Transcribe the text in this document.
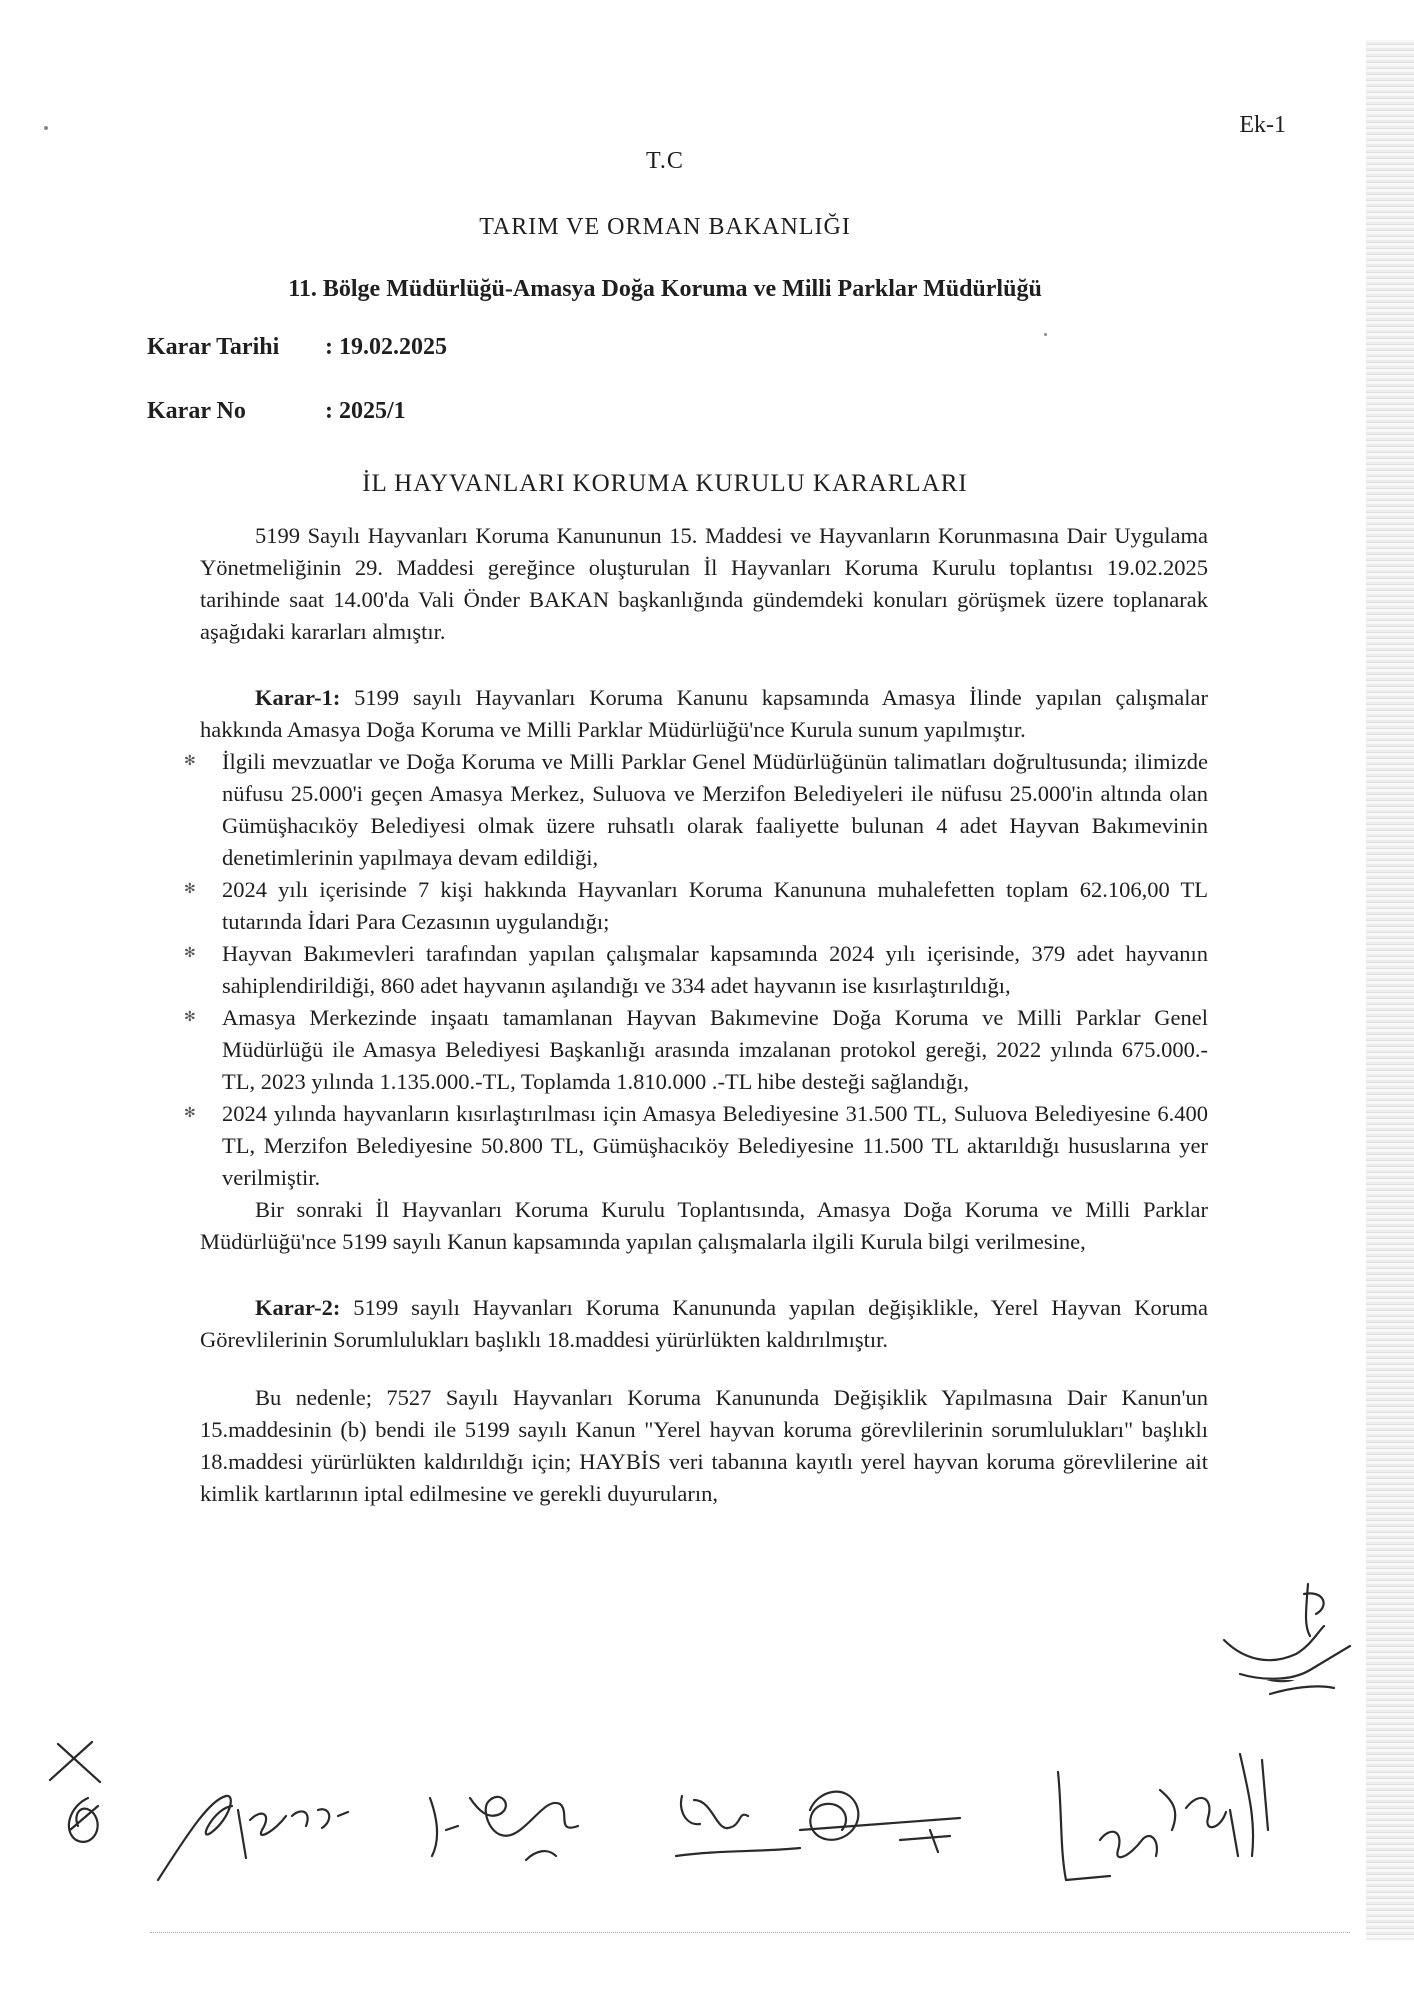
Ek-1
T.C
TARIM VE ORMAN BAKANLIĞI
11. Bölge Müdürlüğü-Amasya Doğa Koruma ve Milli Parklar Müdürlüğü
Karar Tarihi : 19.02.2025
Karar No	: 2025/1
İL HAYVANLARI KORUMA KURULU KARARLARI

5199 Sayılı Hayvanları Koruma Kanununun 15. Maddesi ve Hayvanların Korunmasına Dair Uygulama Yönetmeliğinin 29. Maddesi gereğince oluşturulan İl Hayvanları Koruma Kurulu toplantısı 19.02.2025 tarihinde saat 14.00'da Vali Önder BAKAN başkanlığında gündemdeki konuları görüşmek üzere toplanarak aşağıdaki kararları almıştır.

Karar-1: 5199 sayılı Hayvanları Koruma Kanunu kapsamında Amasya İlinde yapılan çalışmalar hakkında Amasya Doğa Koruma ve Milli Parklar Müdürlüğü'nce Kurula sunum yapılmıştır.

✻ İlgili mevzuatlar ve Doğa Koruma ve Milli Parklar Genel Müdürlüğünün talimatları doğrultusunda; ilimizde nüfusu 25.000'i geçen Amasya Merkez, Suluova ve Merzifon Belediyeleri ile nüfusu 25.000'in altında olan Gümüşhacıköy Belediyesi olmak üzere ruhsatlı olarak faaliyette bulunan 4 adet Hayvan Bakımevinin denetimlerinin yapılmaya devam edildiği,

✻ 2024 yılı içerisinde 7 kişi hakkında Hayvanları Koruma Kanununa muhalefetten toplam 62.106,00 TL tutarında İdari Para Cezasının uygulandığı;

✻ Hayvan Bakımevleri tarafından yapılan çalışmalar kapsamında 2024 yılı içerisinde, 379 adet hayvanın sahiplendirildiği, 860 adet hayvanın aşılandığı ve 334 adet hayvanın ise kısırlaştırıldığı,

✻ Amasya Merkezinde inşaatı tamamlanan Hayvan Bakımevine Doğa Koruma ve Milli Parklar Genel Müdürlüğü ile Amasya Belediyesi Başkanlığı arasında imzalanan protokol gereği, 2022 yılında 675.000.- TL, 2023 yılında 1.135.000.-TL, Toplamda 1.810.000 .-TL hibe desteği sağlandığı,

✻ 2024 yılında hayvanların kısırlaştırılması için Amasya Belediyesine 31.500 TL, Suluova Belediyesine 6.400 TL, Merzifon Belediyesine 50.800 TL, Gümüşhacıköy Belediyesine 11.500 TL aktarıldığı hususlarına yer verilmiştir.

Bir sonraki İl Hayvanları Koruma Kurulu Toplantısında, Amasya Doğa Koruma ve Milli Parklar Müdürlüğü'nce 5199 sayılı Kanun kapsamında yapılan çalışmalarla ilgili Kurula bilgi verilmesine,

Karar-2: 5199 sayılı Hayvanları Koruma Kanununda yapılan değişiklikle, Yerel Hayvan Koruma Görevlilerinin Sorumlulukları başlıklı 18.maddesi yürürlükten kaldırılmıştır.

Bu nedenle; 7527 Sayılı Hayvanları Koruma Kanununda Değişiklik Yapılmasına Dair Kanun'un 15.maddesinin (b) bendi ile 5199 sayılı Kanun "Yerel hayvan koruma görevlilerinin sorumlulukları" başlıklı 18.maddesi yürürlükten kaldırıldığı için; HAYBİS veri tabanına kayıtlı yerel hayvan koruma görevlilerine ait kimlik kartlarının iptal edilmesine ve gerekli duyuruların,
